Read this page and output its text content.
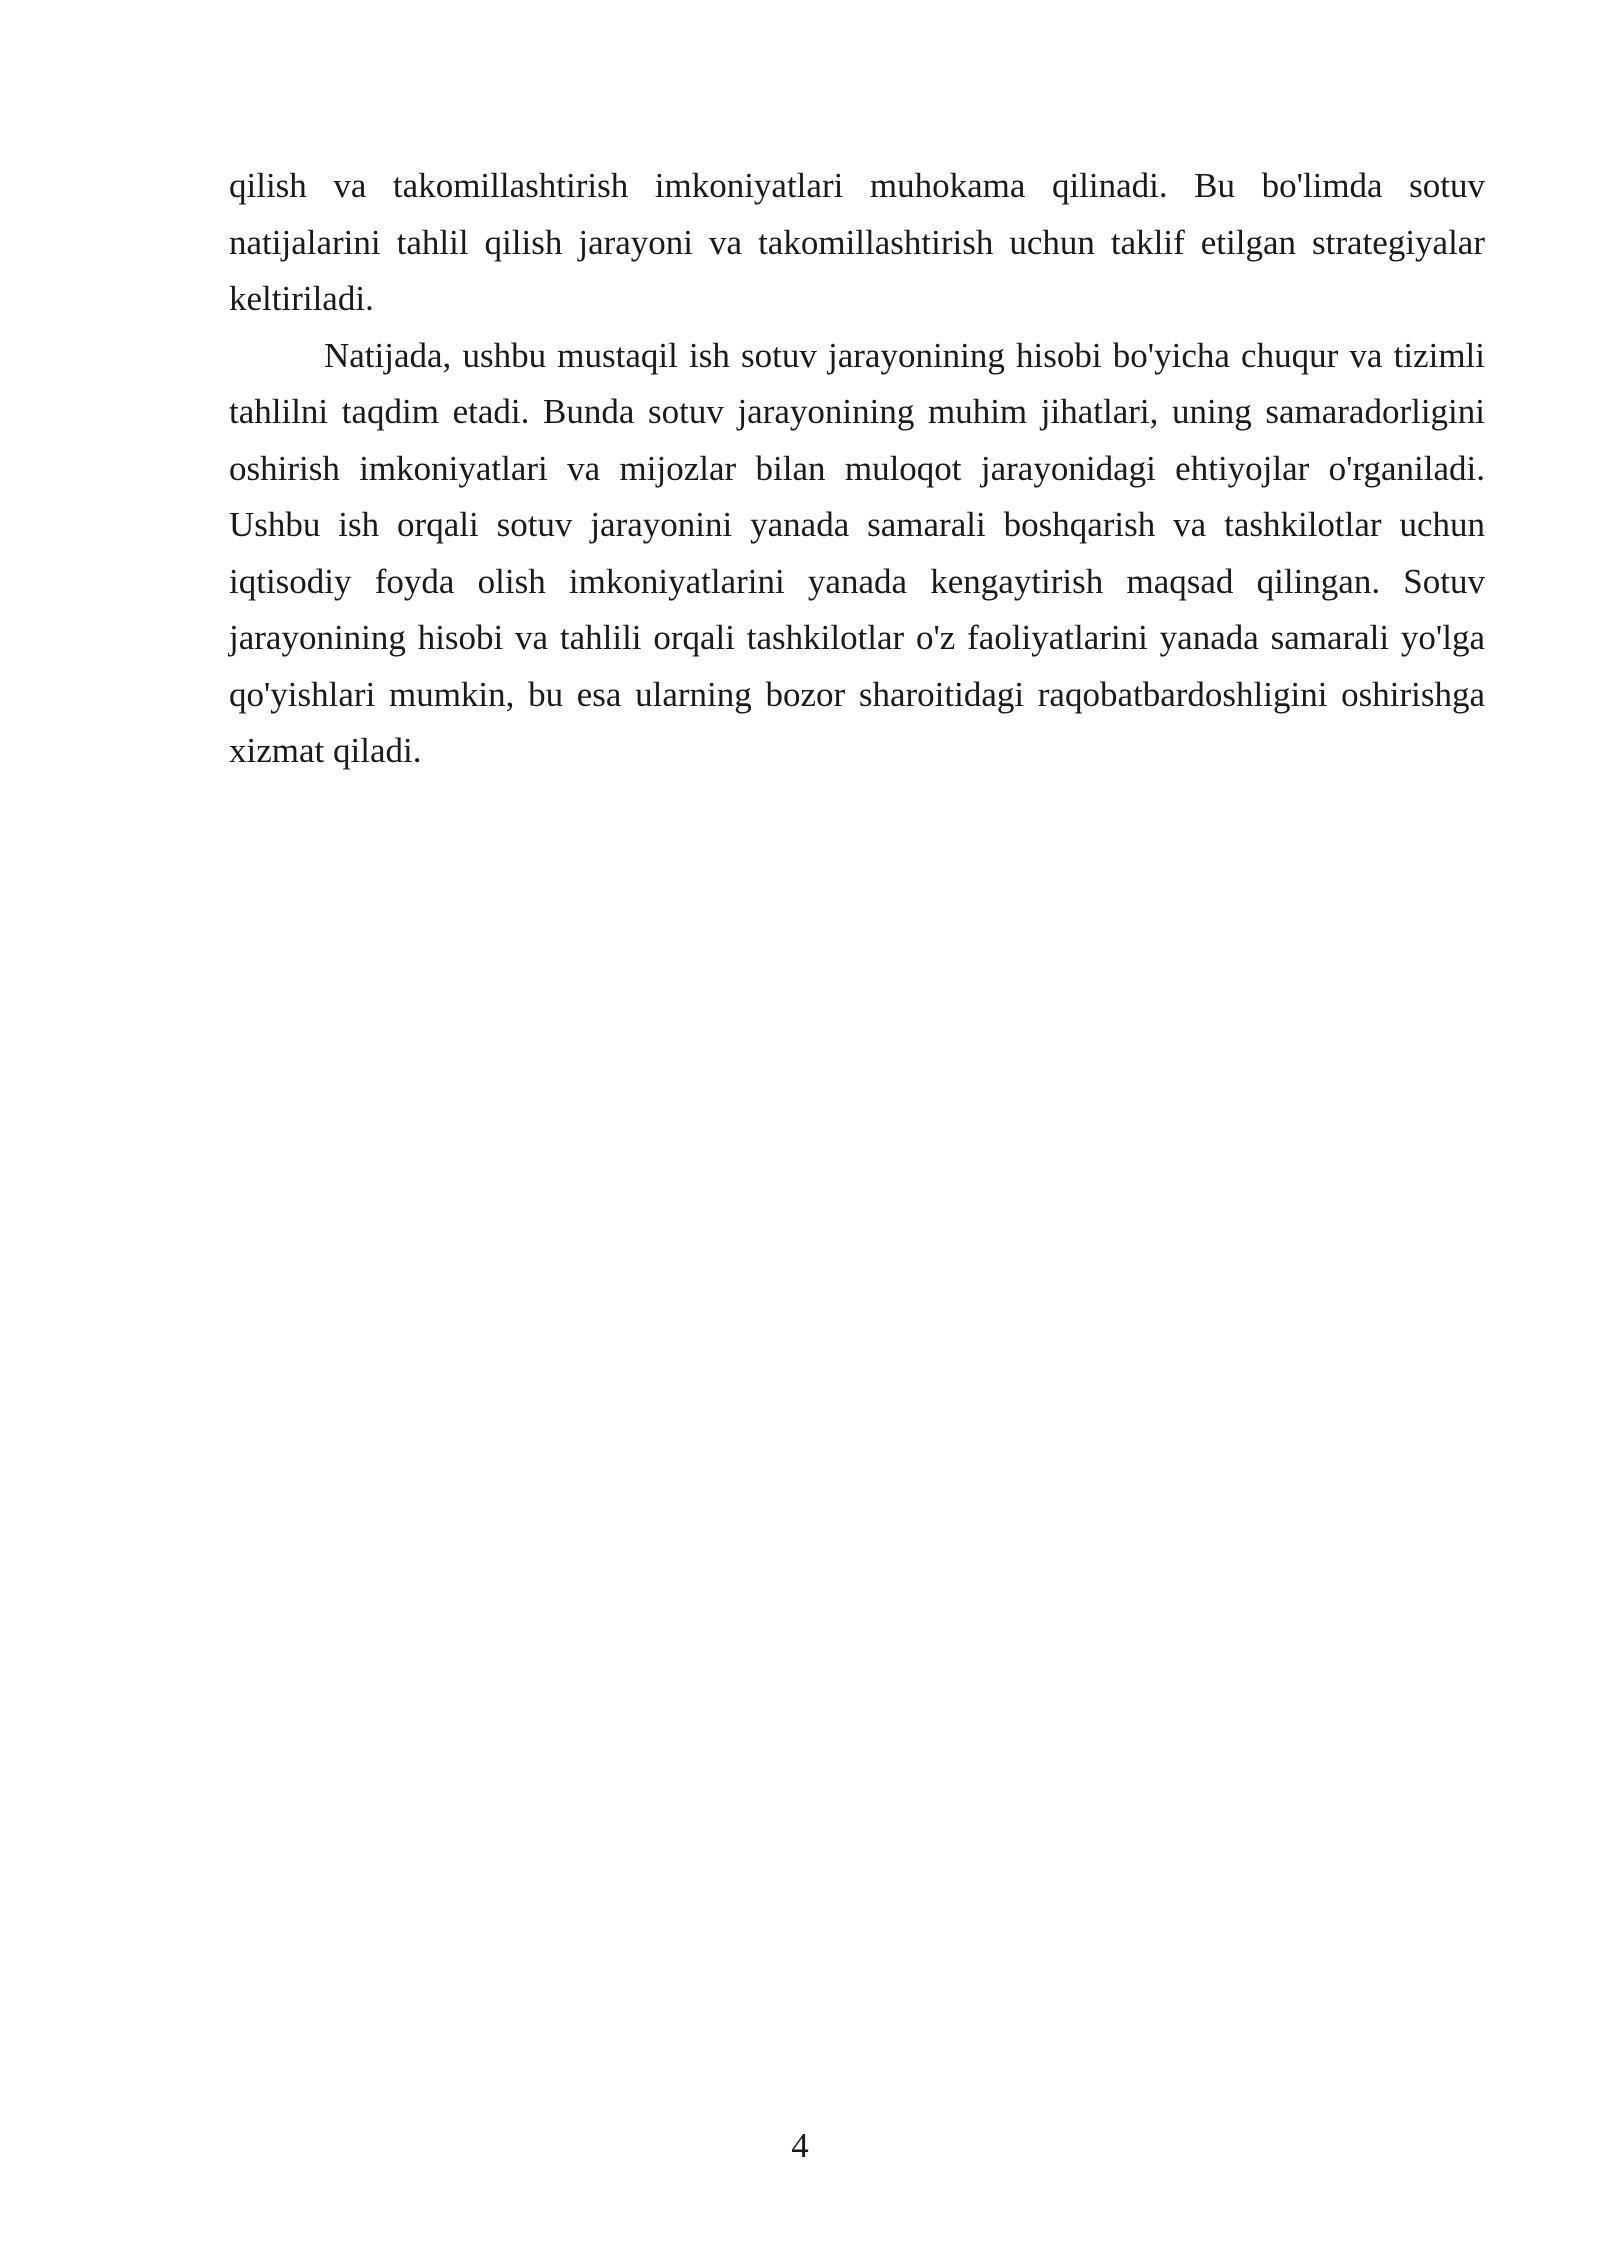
qilish va takomillashtirish imkoniyatlari muhokama qilinadi. Bu bo'limda sotuv natijalarini tahlil qilish jarayoni va takomillashtirish uchun taklif etilgan strategiyalar keltiriladi.

Natijada, ushbu mustaqil ish sotuv jarayonining hisobi bo'yicha chuqur va tizimli tahlilni taqdim etadi. Bunda sotuv jarayonining muhim jihatlari, uning samaradorligini oshirish imkoniyatlari va mijozlar bilan muloqot jarayonidagi ehtiyojlar o'rganiladi. Ushbu ish orqali sotuv jarayonini yanada samarali boshqarish va tashkilotlar uchun iqtisodiy foyda olish imkoniyatlarini yanada kengaytirish maqsad qilingan. Sotuv jarayonining hisobi va tahlili orqali tashkilotlar o'z faoliyatlarini yanada samarali yo'lga qo'yishlari mumkin, bu esa ularning bozor sharoitidagi raqobatbardoshligini oshirishga xizmat qiladi.

4
